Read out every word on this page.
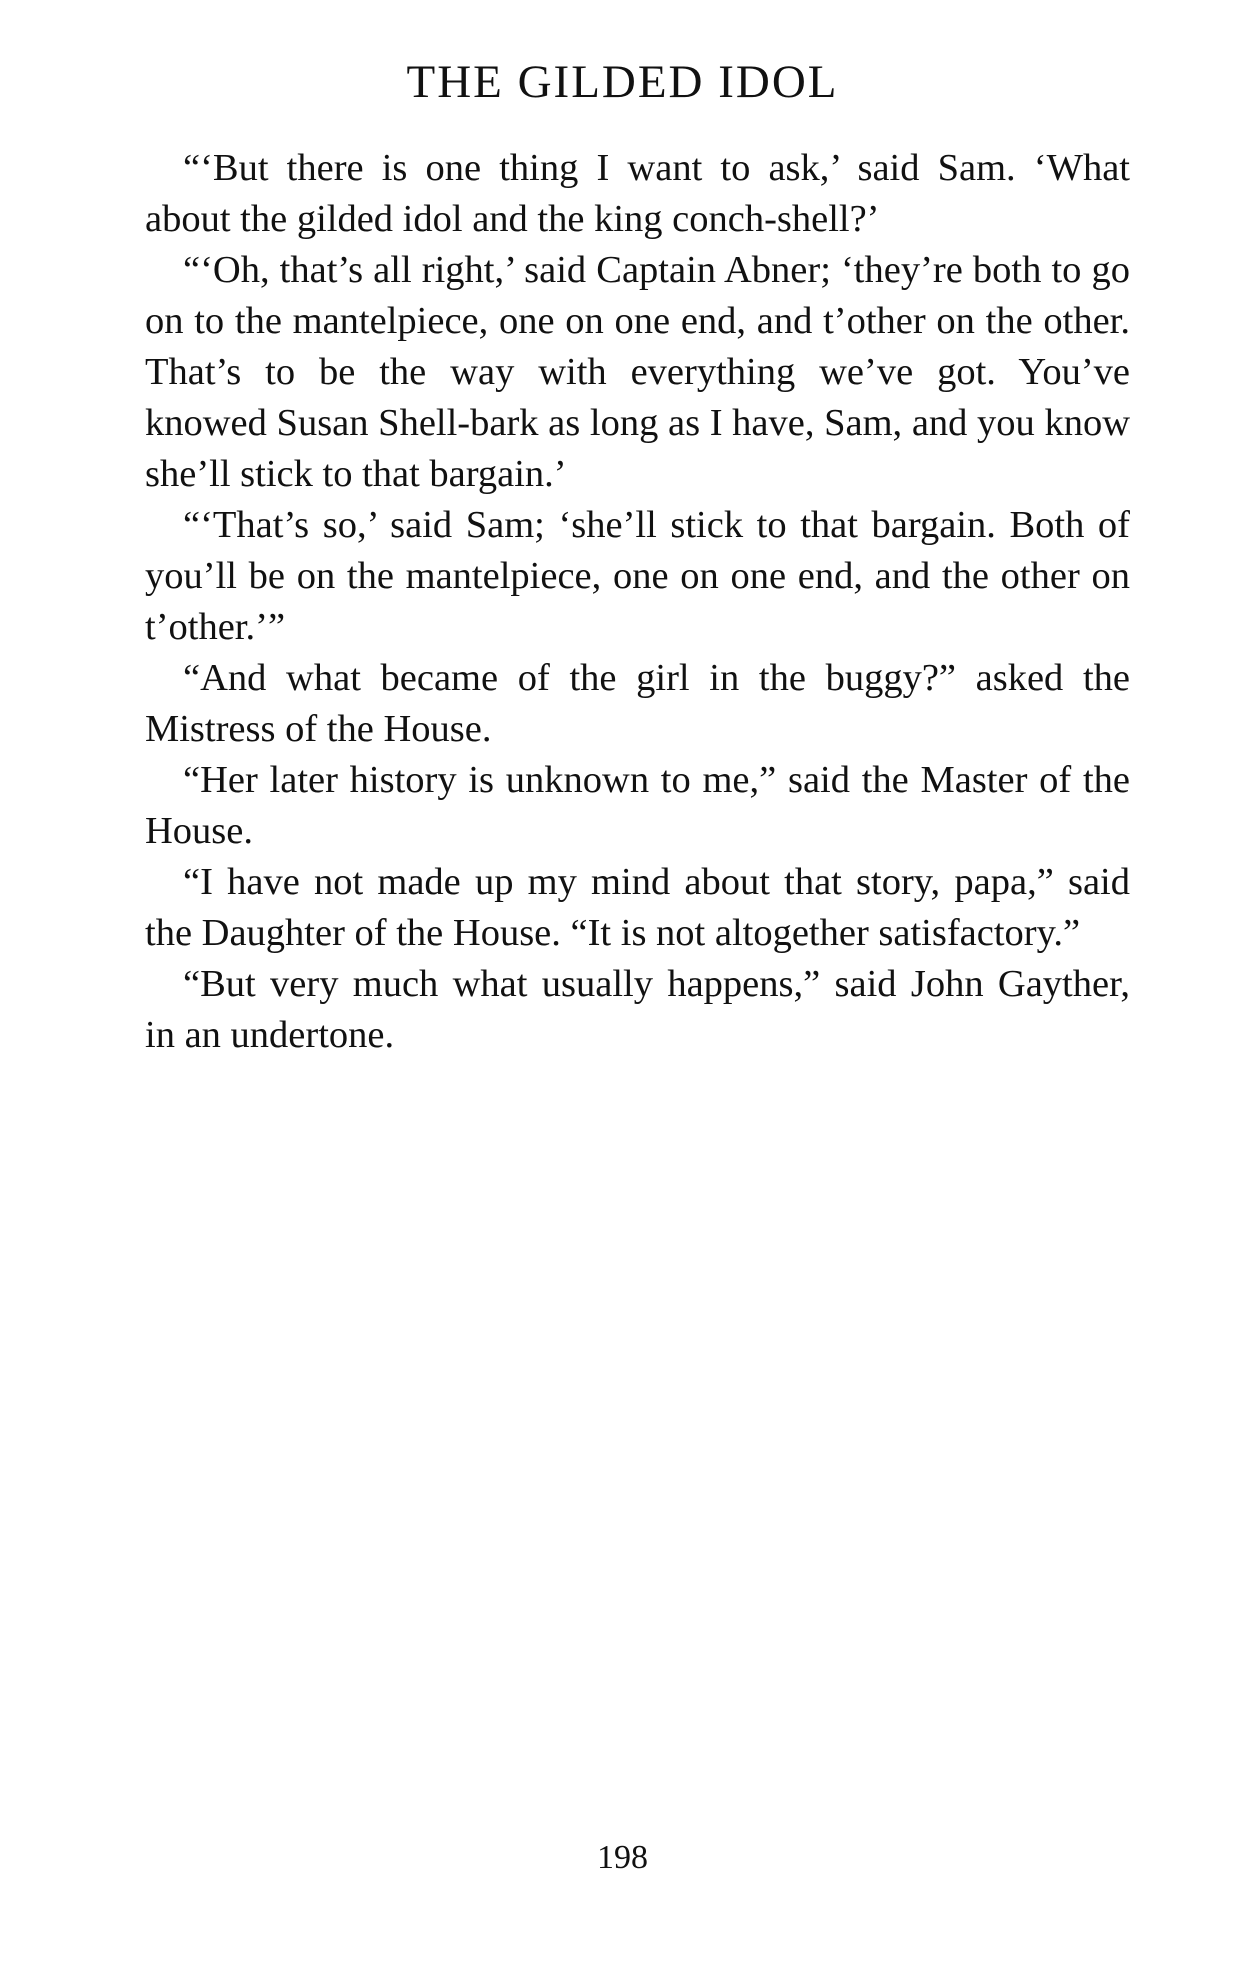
THE GILDED IDOL

“‘But there is one thing I want to ask,’ said Sam. ‘What about the gilded idol and the king conch-shell?’

“‘Oh, that’s all right,’ said Captain Abner; ‘they’re both to go on to the mantelpiece, one on one end, and t’other on the other. That’s to be the way with everything we’ve got. You’ve knowed Susan Shell-bark as long as I have, Sam, and you know she’ll stick to that bargain.’

“‘That’s so,’ said Sam; ‘she’ll stick to that bargain. Both of you’ll be on the mantelpiece, one on one end, and the other on t’other.’”

“And what became of the girl in the buggy?” asked the Mistress of the House.

“Her later history is unknown to me,” said the Master of the House.

“I have not made up my mind about that story, papa,” said the Daughter of the House. “It is not altogether satisfactory.”

“But very much what usually happens,” said John Gayther, in an undertone.

198
